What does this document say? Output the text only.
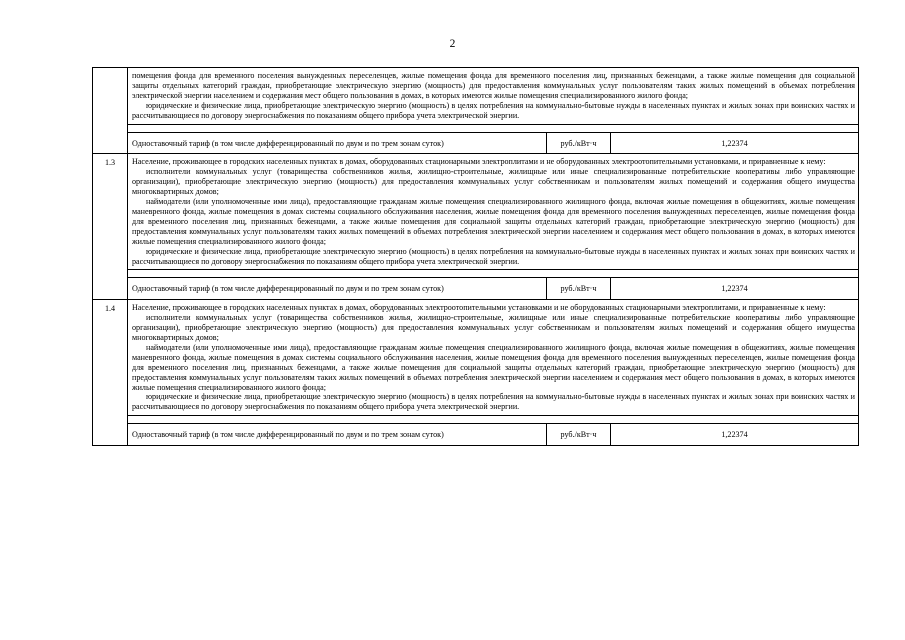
2

	помещения фонда для временного поселения вынужденных переселенцев, жилые помещения фонда для временного поселения лиц, признанных беженцами, а также жилые помещения для социальной защиты отдельных категорий граждан, приобретающие электрическую энергию (мощность) для предоставления коммунальных услуг пользователям таких жилых помещений в объемах потребления электрической энергии населением и содержания мест общего пользования в домах, в которых имеются жилые помещения специализированного жилого фонда;

юридические и физические лица, приобретающие электрическую энергию (мощность) в целях потребления на коммунально-бытовые нужды в населенных пунктах и жилых зонах при воинских частях и рассчитывающиеся по договору энергоснабжения по показаниям общего прибора учета электрической энергии.		

	Одноставочный тариф (в том числе дифференцированный по двум и по трем зонам суток)	руб./кВт·ч	1,22374
1.3	Население, проживающее в городских населенных пунктах в домах, оборудованных стационарными электроплитами и не оборудованных электроотопительными установками, и приравненные к нему:

исполнители коммунальных услуг (товарищества собственников жилья, жилищно-строительные, жилищные или иные специализированные потребительские кооперативы либо управляющие организации), приобретающие электрическую энергию (мощность) для предоставления коммунальных услуг собственникам и пользователям жилых помещений и содержания общего имущества многоквартирных домов;

наймодатели (или уполномоченные ими лица), предоставляющие гражданам жилые помещения специализированного жилищного фонда, включая жилые помещения в общежитиях, жилые помещения маневренного фонда, жилые помещения в домах системы социального обслуживания населения, жилые помещения фонда для временного поселения вынужденных переселенцев, жилые помещения фонда для временного поселения лиц, признанных беженцами, а также жилые помещения для социальной защиты отдельных категорий граждан, приобретающие электрическую энергию (мощность) для предоставления коммунальных услуг пользователям таких жилых помещений в объемах потребления электрической энергии населением и содержания мест общего пользования в домах, в которых имеются жилые помещения специализированного жилого фонда;

юридические и физические лица, приобретающие электрическую энергию (мощность) в целях потребления на коммунально-бытовые нужды в населенных пунктах и жилых зонах при воинских частях и рассчитывающиеся по договору энергоснабжения по показаниям общего прибора учета электрической энергии.		

	Одноставочный тариф (в том числе дифференцированный по двум и по трем зонам суток)	руб./кВт·ч	1,22374
1.4	Население, проживающее в городских населенных пунктах в домах, оборудованных электроотопительными установками и не оборудованных стационарными электроплитами, и приравненные к нему:

исполнители коммунальных услуг (товарищества собственников жилья, жилищно-строительные, жилищные или иные специализированные потребительские кооперативы либо управляющие организации), приобретающие электрическую энергию (мощность) для предоставления коммунальных услуг собственникам и пользователям жилых помещений и содержания общего имущества многоквартирных домов;

наймодатели (или уполномоченные ими лица), предоставляющие гражданам жилые помещения специализированного жилищного фонда, включая жилые помещения в общежитиях, жилые помещения маневренного фонда, жилые помещения в домах системы социального обслуживания населения, жилые помещения фонда для временного поселения вынужденных переселенцев, жилые помещения фонда для временного поселения лиц, признанных беженцами, а также жилые помещения для социальной защиты отдельных категорий граждан, приобретающие электрическую энергию (мощность) для предоставления коммунальных услуг пользователям таких жилых помещений в объемах потребления электрической энергии населением и содержания мест общего пользования в домах, в которых имеются жилые помещения специализированного жилого фонда;

юридические и физические лица, приобретающие электрическую энергию (мощность) в целях потребления на коммунально-бытовые нужды в населенных пунктах и жилых зонах при воинских частях и рассчитывающиеся по договору энергоснабжения по показаниям общего прибора учета электрической энергии.		

	Одноставочный тариф (в том числе дифференцированный по двум и по трем зонам суток)	руб./кВт·ч	1,22374
